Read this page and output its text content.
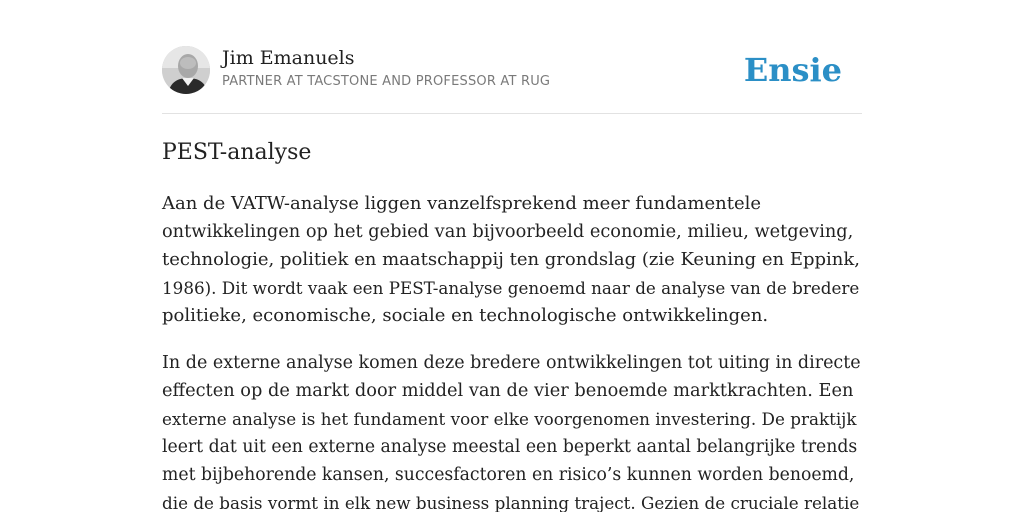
Jim Emanuels
PARTNER AT TACSTONE AND PROFESSOR AT RUG	Ensie
PEST-analyse

Aan de VATW-analyse liggen vanzelfsprekend meer fundamentele
ontwikkelingen op het gebied van bijvoorbeeld economie, milieu, wetgeving,
technologie, politiek en maatschappij ten grondslag (zie Keuning en Eppink,
1986). Dit wordt vaak een PEST-analyse genoemd naar de analyse van de bredere
politieke, economische, sociale en technologische ontwikkelingen.

In de externe analyse komen deze bredere ontwikkelingen tot uiting in directe
effecten op de markt door middel van de vier benoemde marktkrachten. Een
externe analyse is het fundament voor elke voorgenomen investering. De praktijk
leert dat uit een externe analyse meestal een beperkt aantal belangrijke trends
met bijbehorende kansen, succesfactoren en risico’s kunnen worden benoemd,
die de basis vormt in elk new business planning traject. Gezien de cruciale relatie
